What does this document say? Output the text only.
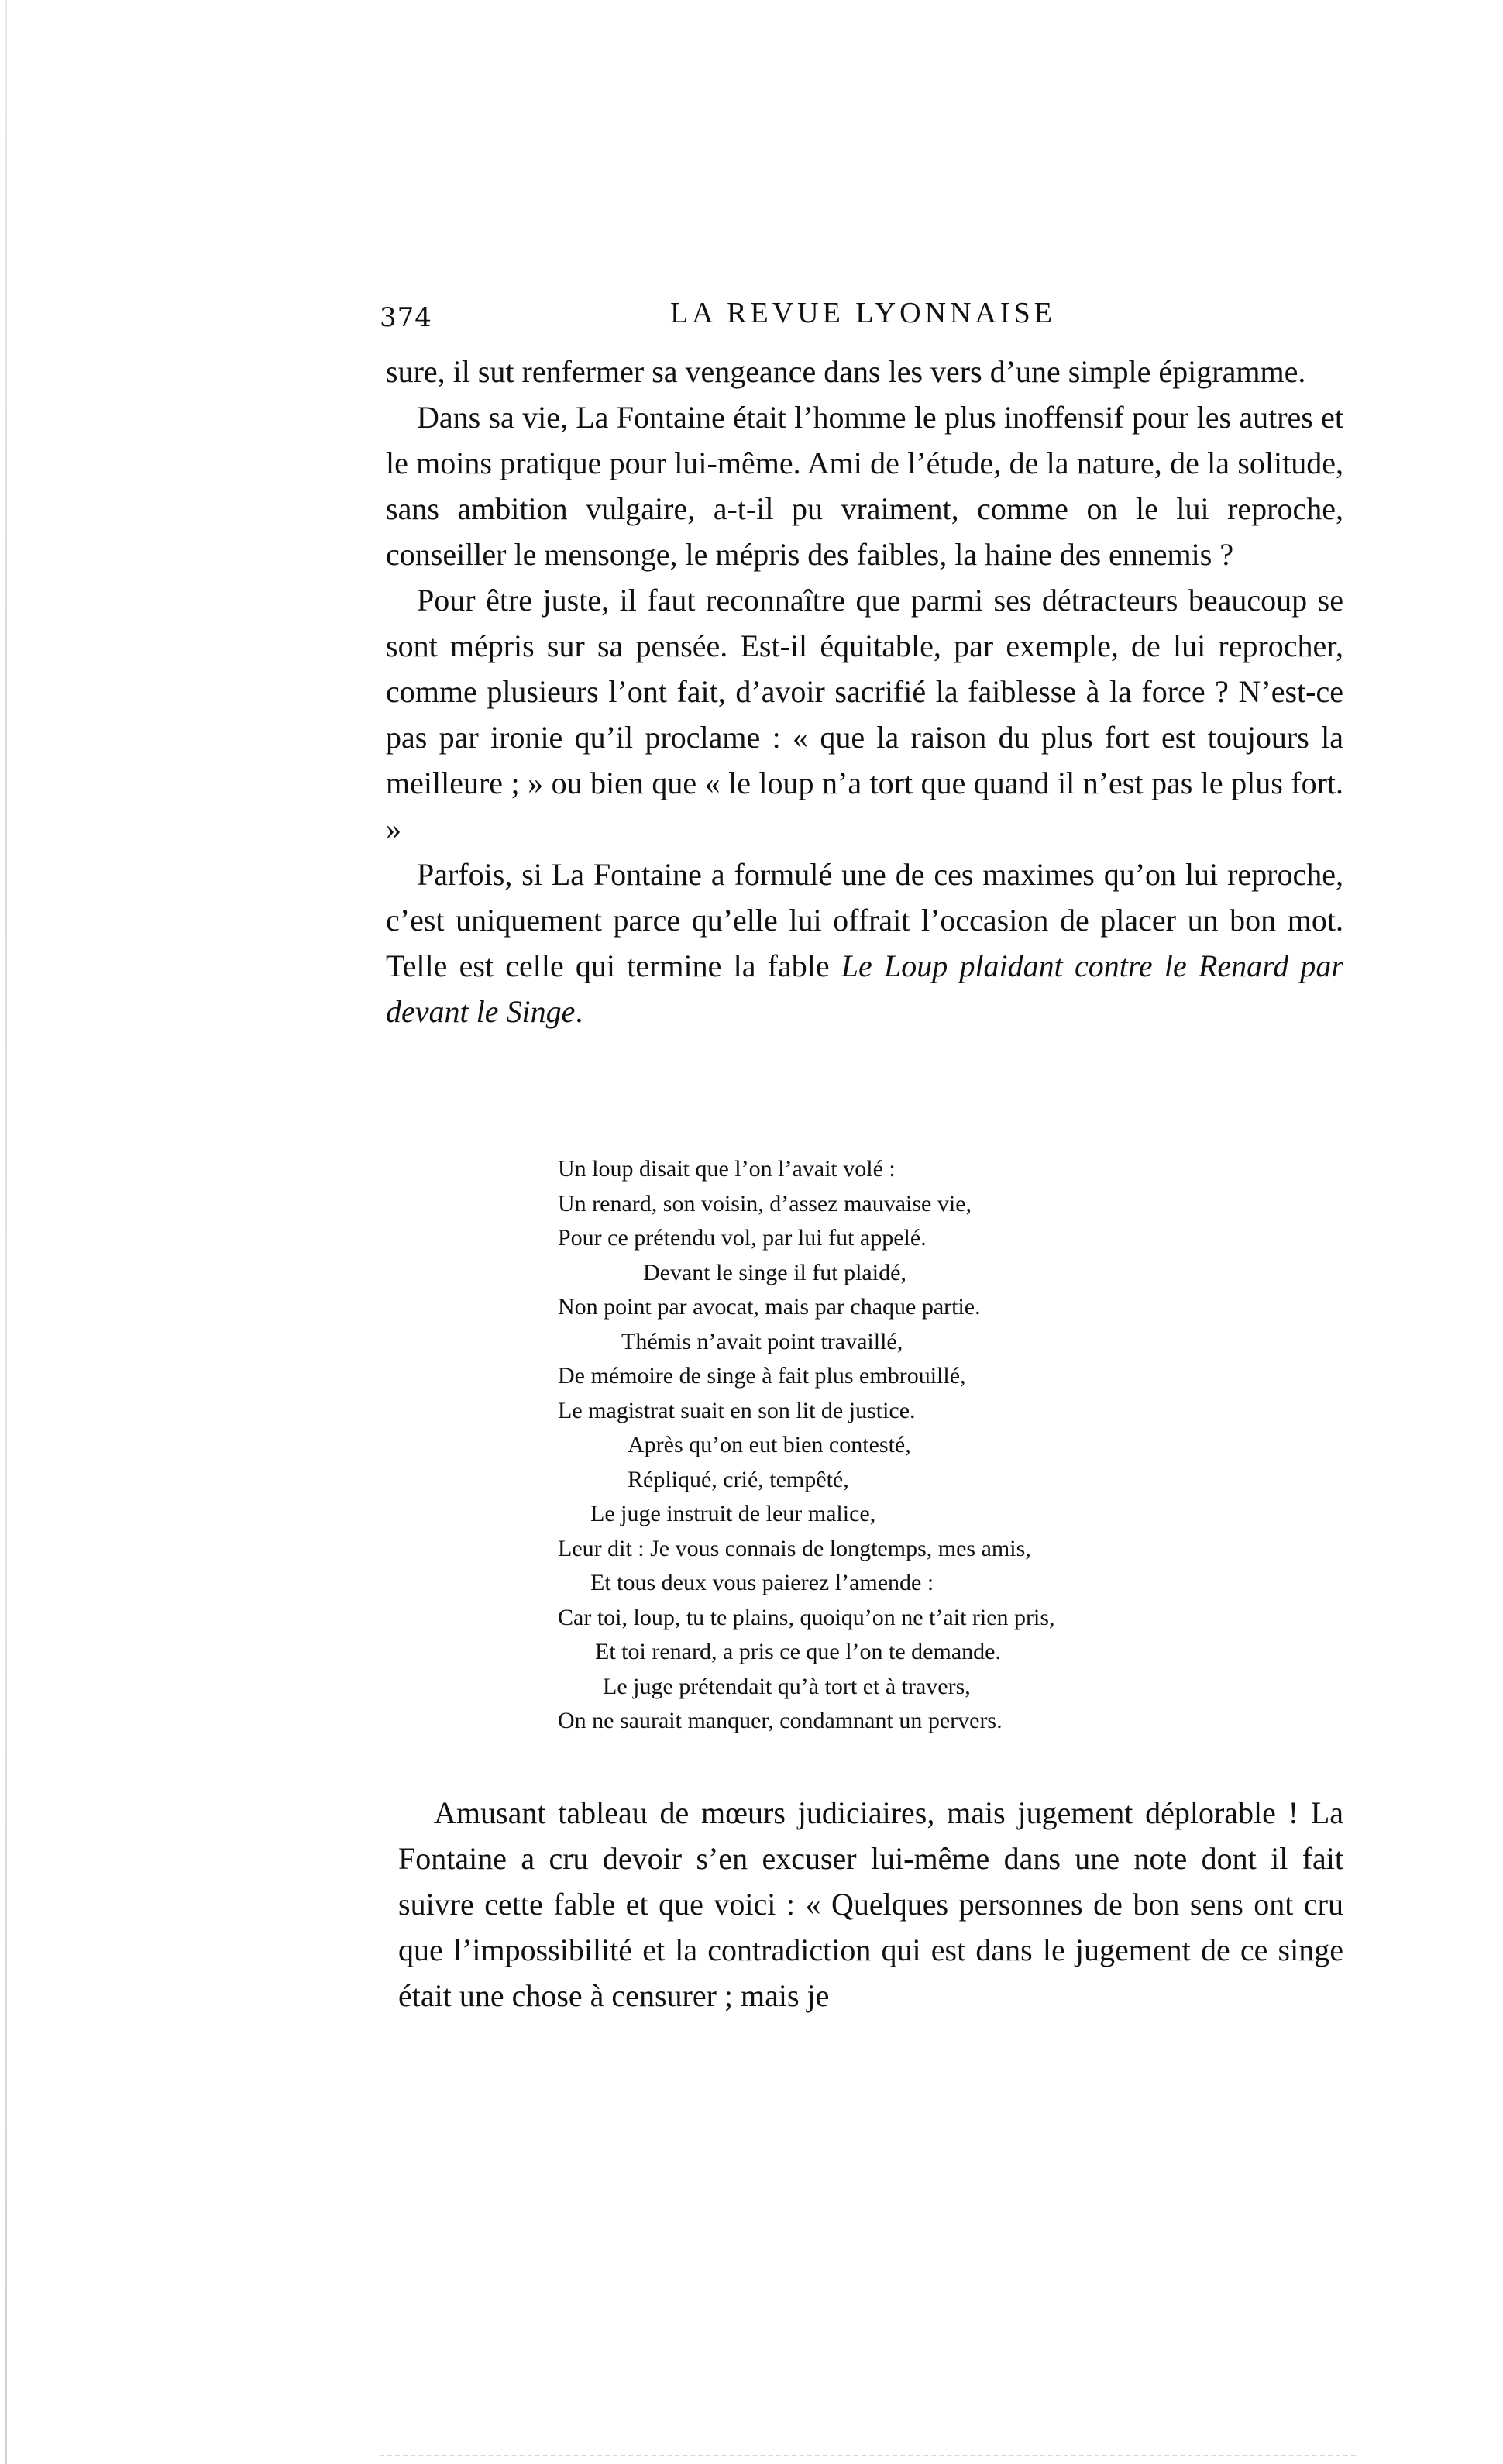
374	LA REVUE LYONNAISE

sure, il sut renfermer sa vengeance dans les vers d’une simple épigramme.

Dans sa vie, La Fontaine était l’homme le plus inoffensif pour les autres et le moins pratique pour lui-même. Ami de l’étude, de la nature, de la solitude, sans ambition vulgaire, a-t-il pu vraiment, comme on le lui reproche, conseiller le mensonge, le mépris des faibles, la haine des ennemis ?

Pour être juste, il faut reconnaître que parmi ses détracteurs beaucoup se sont mépris sur sa pensée. Est-il équitable, par exemple, de lui reprocher, comme plusieurs l’ont fait, d’avoir sacrifié la faiblesse à la force ? N’est-ce pas par ironie qu’il proclame : « que la raison du plus fort est toujours la meilleure ; » ou bien que « le loup n’a tort que quand il n’est pas le plus fort. »

Parfois, si La Fontaine a formulé une de ces maximes qu’on lui reproche, c’est uniquement parce qu’elle lui offrait l’occasion de placer un bon mot. Telle est celle qui termine la fable Le Loup plaidant contre le Renard par devant le Singe.

Un loup disait que l’on l’avait volé :
Un renard, son voisin, d’assez mauvaise vie,
Pour ce prétendu vol, par lui fut appelé.
Devant le singe il fut plaidé,
Non point par avocat, mais par chaque partie.
Thémis n’avait point travaillé,
De mémoire de singe à fait plus embrouillé,
Le magistrat suait en son lit de justice.
Après qu’on eut bien contesté,
Répliqué, crié, tempêté,
Le juge instruit de leur malice,
Leur dit : Je vous connais de longtemps, mes amis,
Et tous deux vous paierez l’amende :
Car toi, loup, tu te plains, quoiqu’on ne t’ait rien pris,
Et toi renard, a pris ce que l’on te demande.
Le juge prétendait qu’à tort et à travers,
On ne saurait manquer, condamnant un pervers.

Amusant tableau de mœurs judiciaires, mais jugement déplorable ! La Fontaine a cru devoir s’en excuser lui-même dans une note dont il fait suivre cette fable et que voici : « Quelques personnes de bon sens ont cru que l’impossibilité et la contradiction qui est dans le jugement de ce singe était une chose à censurer ; mais je
